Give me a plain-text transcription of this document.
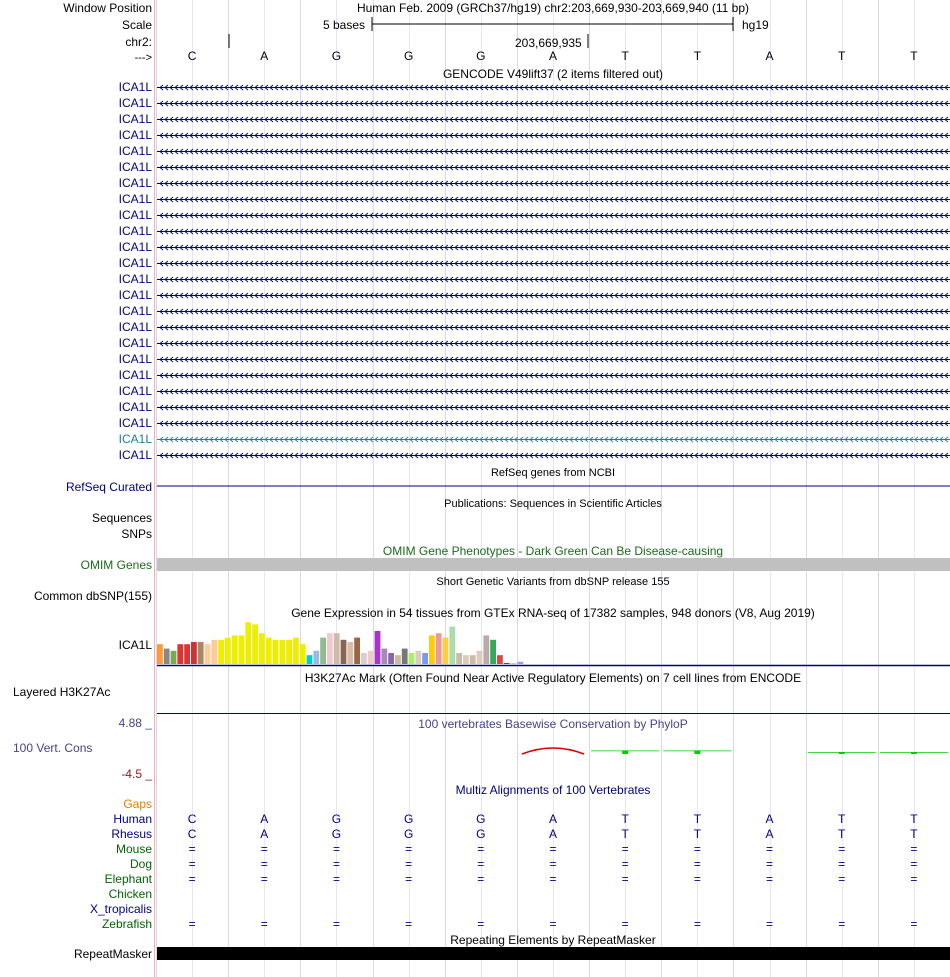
Window Position
Scale
chr2:
--->
Human Feb. 2009 (GRCh37/hg19) chr2:203,669,930-203,669,940 (11 bp)
5 bases	hg19
203,669,935
C	A	G	G	G	A	T	T	A	T	T
GENCODE V49lift37 (2 items filtered out)
ICA1L
ICA1L
ICA1L
ICA1L
ICA1L
ICA1L
ICA1L
ICA1L
ICA1L
ICA1L
ICA1L
ICA1L
ICA1L
ICA1L
ICA1L
ICA1L
ICA1L
ICA1L
ICA1L
ICA1L
ICA1L
ICA1L
ICA1L
ICA1L
RefSeq genes from NCBI
RefSeq Curated
Publications: Sequences in Scientific Articles
Sequences
SNPs
OMIM Gene Phenotypes - Dark Green Can Be Disease-causing
OMIM Genes
Short Genetic Variants from dbSNP release 155
Common dbSNP(155)
Gene Expression in 54 tissues from GTEx RNA-seq of 17382 samples, 948 donors (V8, Aug 2019)
ICA1L
H3K27Ac Mark (Often Found Near Active Regulatory Elements) on 7 cell lines from ENCODE
Layered H3K27Ac
100 vertebrates Basewise Conservation by PhyloP
4.88 _
100 Vert. Cons
-4.5 _
Multiz Alignments of 100 Vertebrates
Gaps
Human	C	A	G	G	G	A	T	T	A	T	T
Rhesus	C	A	G	G	G	A	T	T	A	T	T
Mouse	=	=	=	=	=	=	=	=	=	=	=
Dog	=	=	=	=	=	=	=	=	=	=	=
Elephant	=	=	=	=	=	=	=	=	=	=	=
Chicken
X_tropicalis
Zebrafish	=	=	=	=	=	=	=	=	=	=	=
Repeating Elements by RepeatMasker
RepeatMasker
